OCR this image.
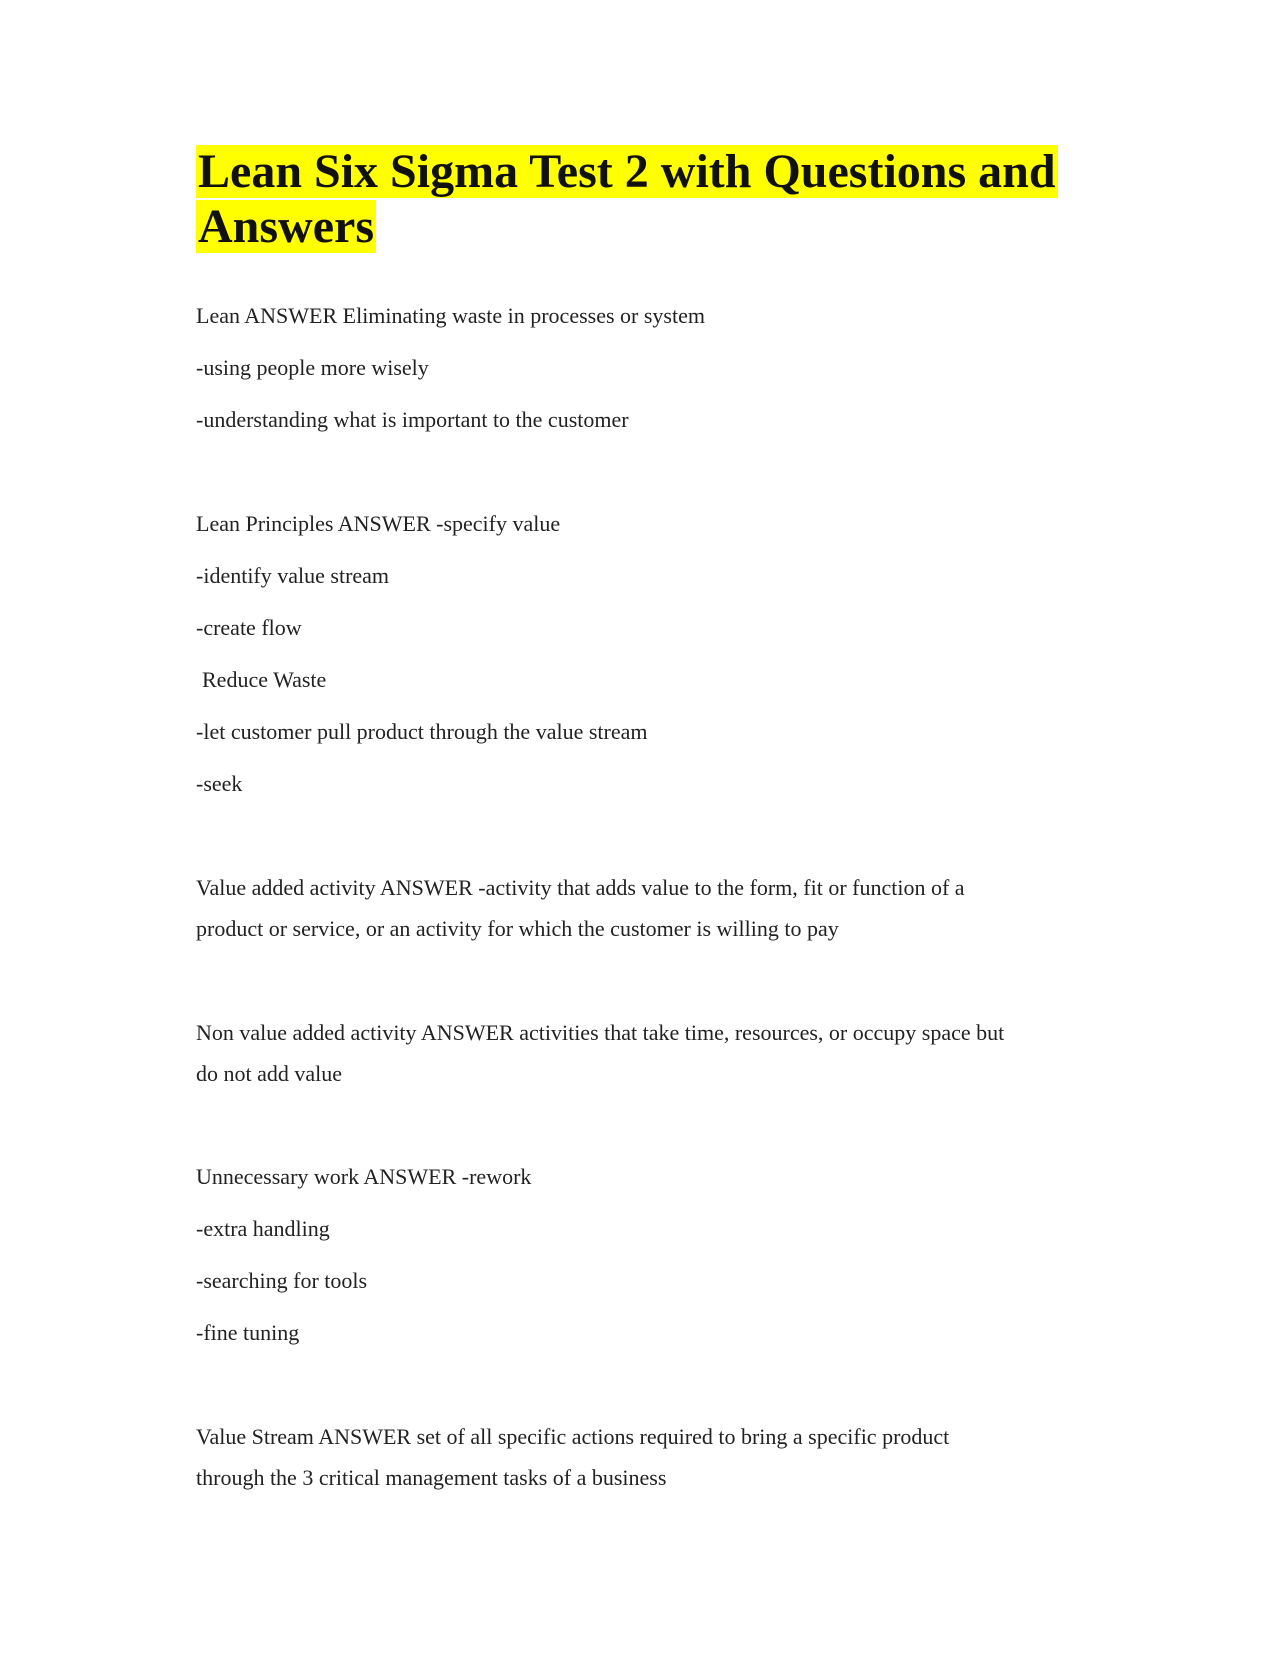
Lean Six Sigma Test 2 with Questions and Answers

Lean ANSWER Eliminating waste in processes or system

-using people more wisely

-understanding what is important to the customer

Lean Principles ANSWER -specify value

-identify value stream

-create flow

Reduce Waste

-let customer pull product through the value stream

-seek

Value added activity ANSWER -activity that adds value to the form, fit or function of a

product or service, or an activity for which the customer is willing to pay

Non value added activity ANSWER activities that take time, resources, or occupy space but

do not add value

Unnecessary work ANSWER -rework

-extra handling

-searching for tools

-fine tuning

Value Stream ANSWER set of all specific actions required to bring a specific product

through the 3 critical management tasks of a business
